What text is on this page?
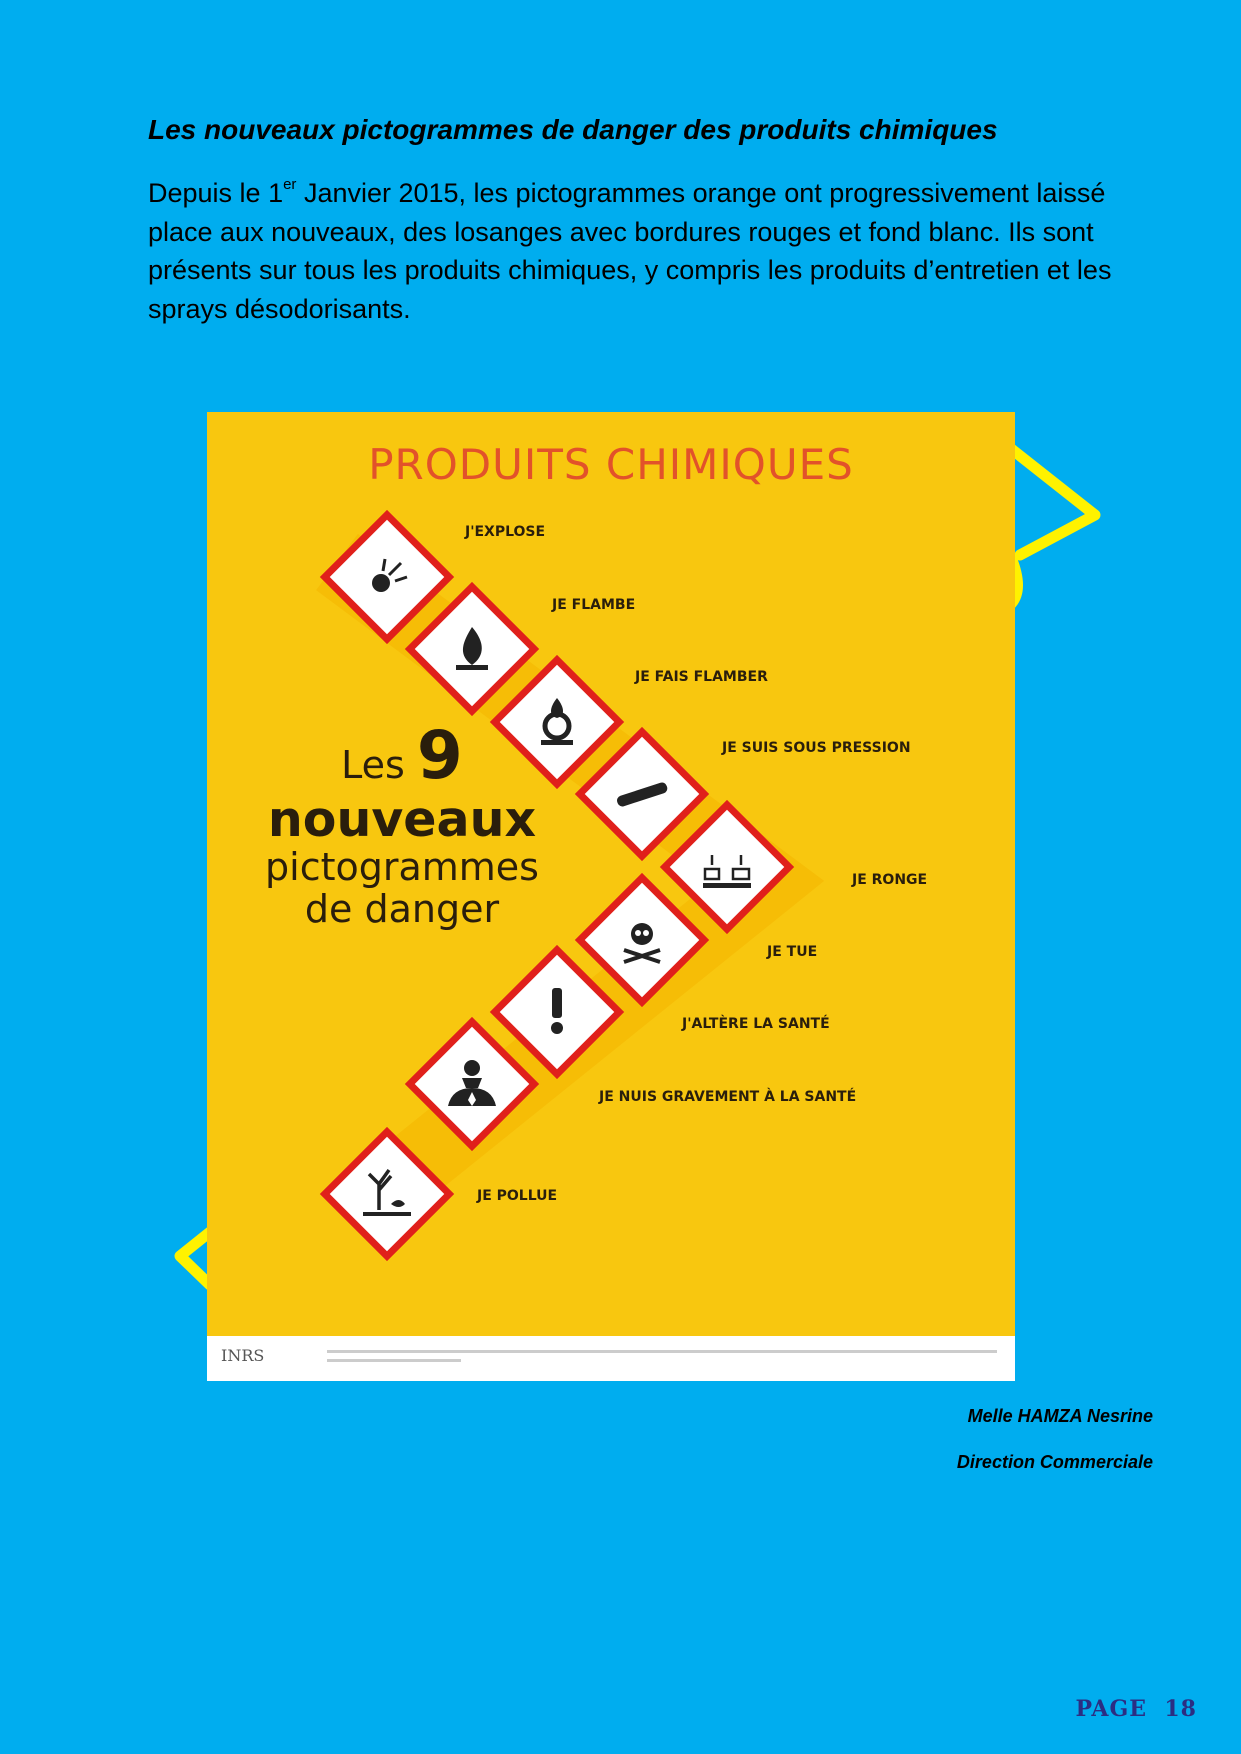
Les nouveaux pictogrammes de danger des produits chimiques

Depuis le 1er Janvier 2015, les pictogrammes orange ont progressivement laissé place aux nouveaux, des losanges avec bordures rouges et fond blanc. Ils sont présents sur tous les produits chimiques, y compris les produits d’entretien et les sprays désodorisants.

PRODUITS CHIMIQUES
Les 9
nouveaux
pictogrammes
de danger
J'EXPLOSE
JE FLAMBE
JE FAIS FLAMBER
JE SUIS SOUS PRESSION
JE RONGE
JE TUE
J'ALTÈRE LA SANTÉ
JE NUIS GRAVEMENT À LA SANTÉ
JE POLLUE
INRS
Melle HAMZA Nesrine
Direction Commerciale
PAGE 18
